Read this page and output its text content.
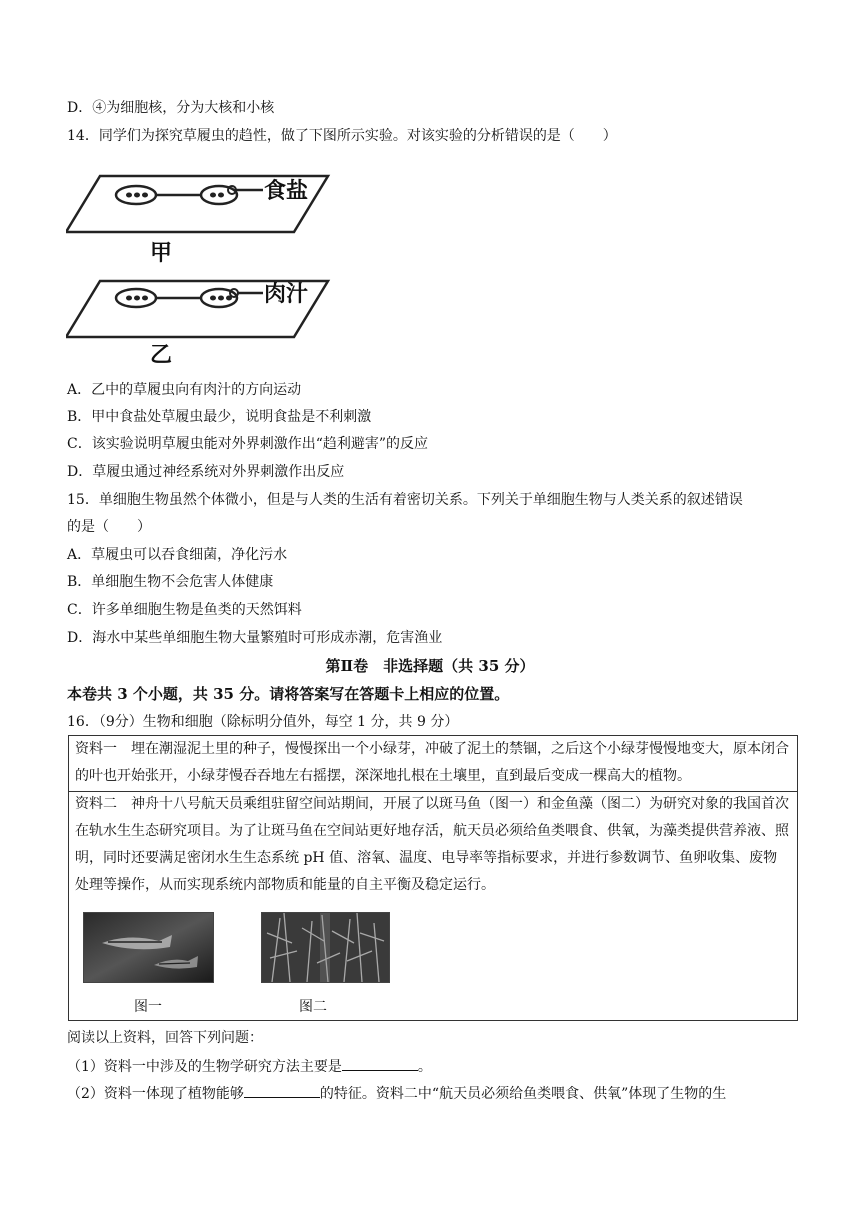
D．④为细胞核，分为大核和小核
14．同学们为探究草履虫的趋性，做了下图所示实验。对该实验的分析错误的是（　　）
食盐
肉汁
甲
乙
A．乙中的草履虫向有肉汁的方向运动
B．甲中食盐处草履虫最少，说明食盐是不利刺激
C．该实验说明草履虫能对外界刺激作出“趋利避害”的反应
D．草履虫通过神经系统对外界刺激作出反应
15．单细胞生物虽然个体微小，但是与人类的生活有着密切关系。下列关于单细胞生物与人类关系的叙述错误
的是（　　）
A．草履虫可以吞食细菌，净化污水
B．单细胞生物不会危害人体健康
C．许多单细胞生物是鱼类的天然饵料
D．海水中某些单细胞生物大量繁殖时可形成赤潮，危害渔业
第Ⅱ卷　非选择题（共 35 分）
本卷共 3 个小题，共 35 分。请将答案写在答题卡上相应的位置。
16．（9分）生物和细胞（除标明分值外，每空 1 分，共 9 分）

资料一　埋在潮湿泥土里的种子，慢慢探出一个小绿芽，冲破了泥土的禁锢，之后这个小绿芽慢慢地变大，原本闭合的叶也开始张开，小绿芽慢吞吞地左右摇摆，深深地扎根在土壤里，直到最后变成一棵高大的植物。

资料二　神舟十八号航天员乘组驻留空间站期间，开展了以斑马鱼（图一）和金鱼藻（图二）为研究对象的我国首次在轨水生生态研究项目。为了让斑马鱼在空间站更好地存活，航天员必须给鱼类喂食、供氧，为藻类提供营养液、照明，同时还要满足密闭水生生态系统 pH 值、溶氧、温度、电导率等指标要求，并进行参数调节、鱼卵收集、废物处理等操作，从而实现系统内部物质和能量的自主平衡及稳定运行。

图一	图二
阅读以上资料，回答下列问题：
（1）资料一中涉及的生物学研究方法主要是	。
（2）资料一体现了植物能够	的特征。资料二中“航天员必须给鱼类喂食、供氧”体现了生物的生
